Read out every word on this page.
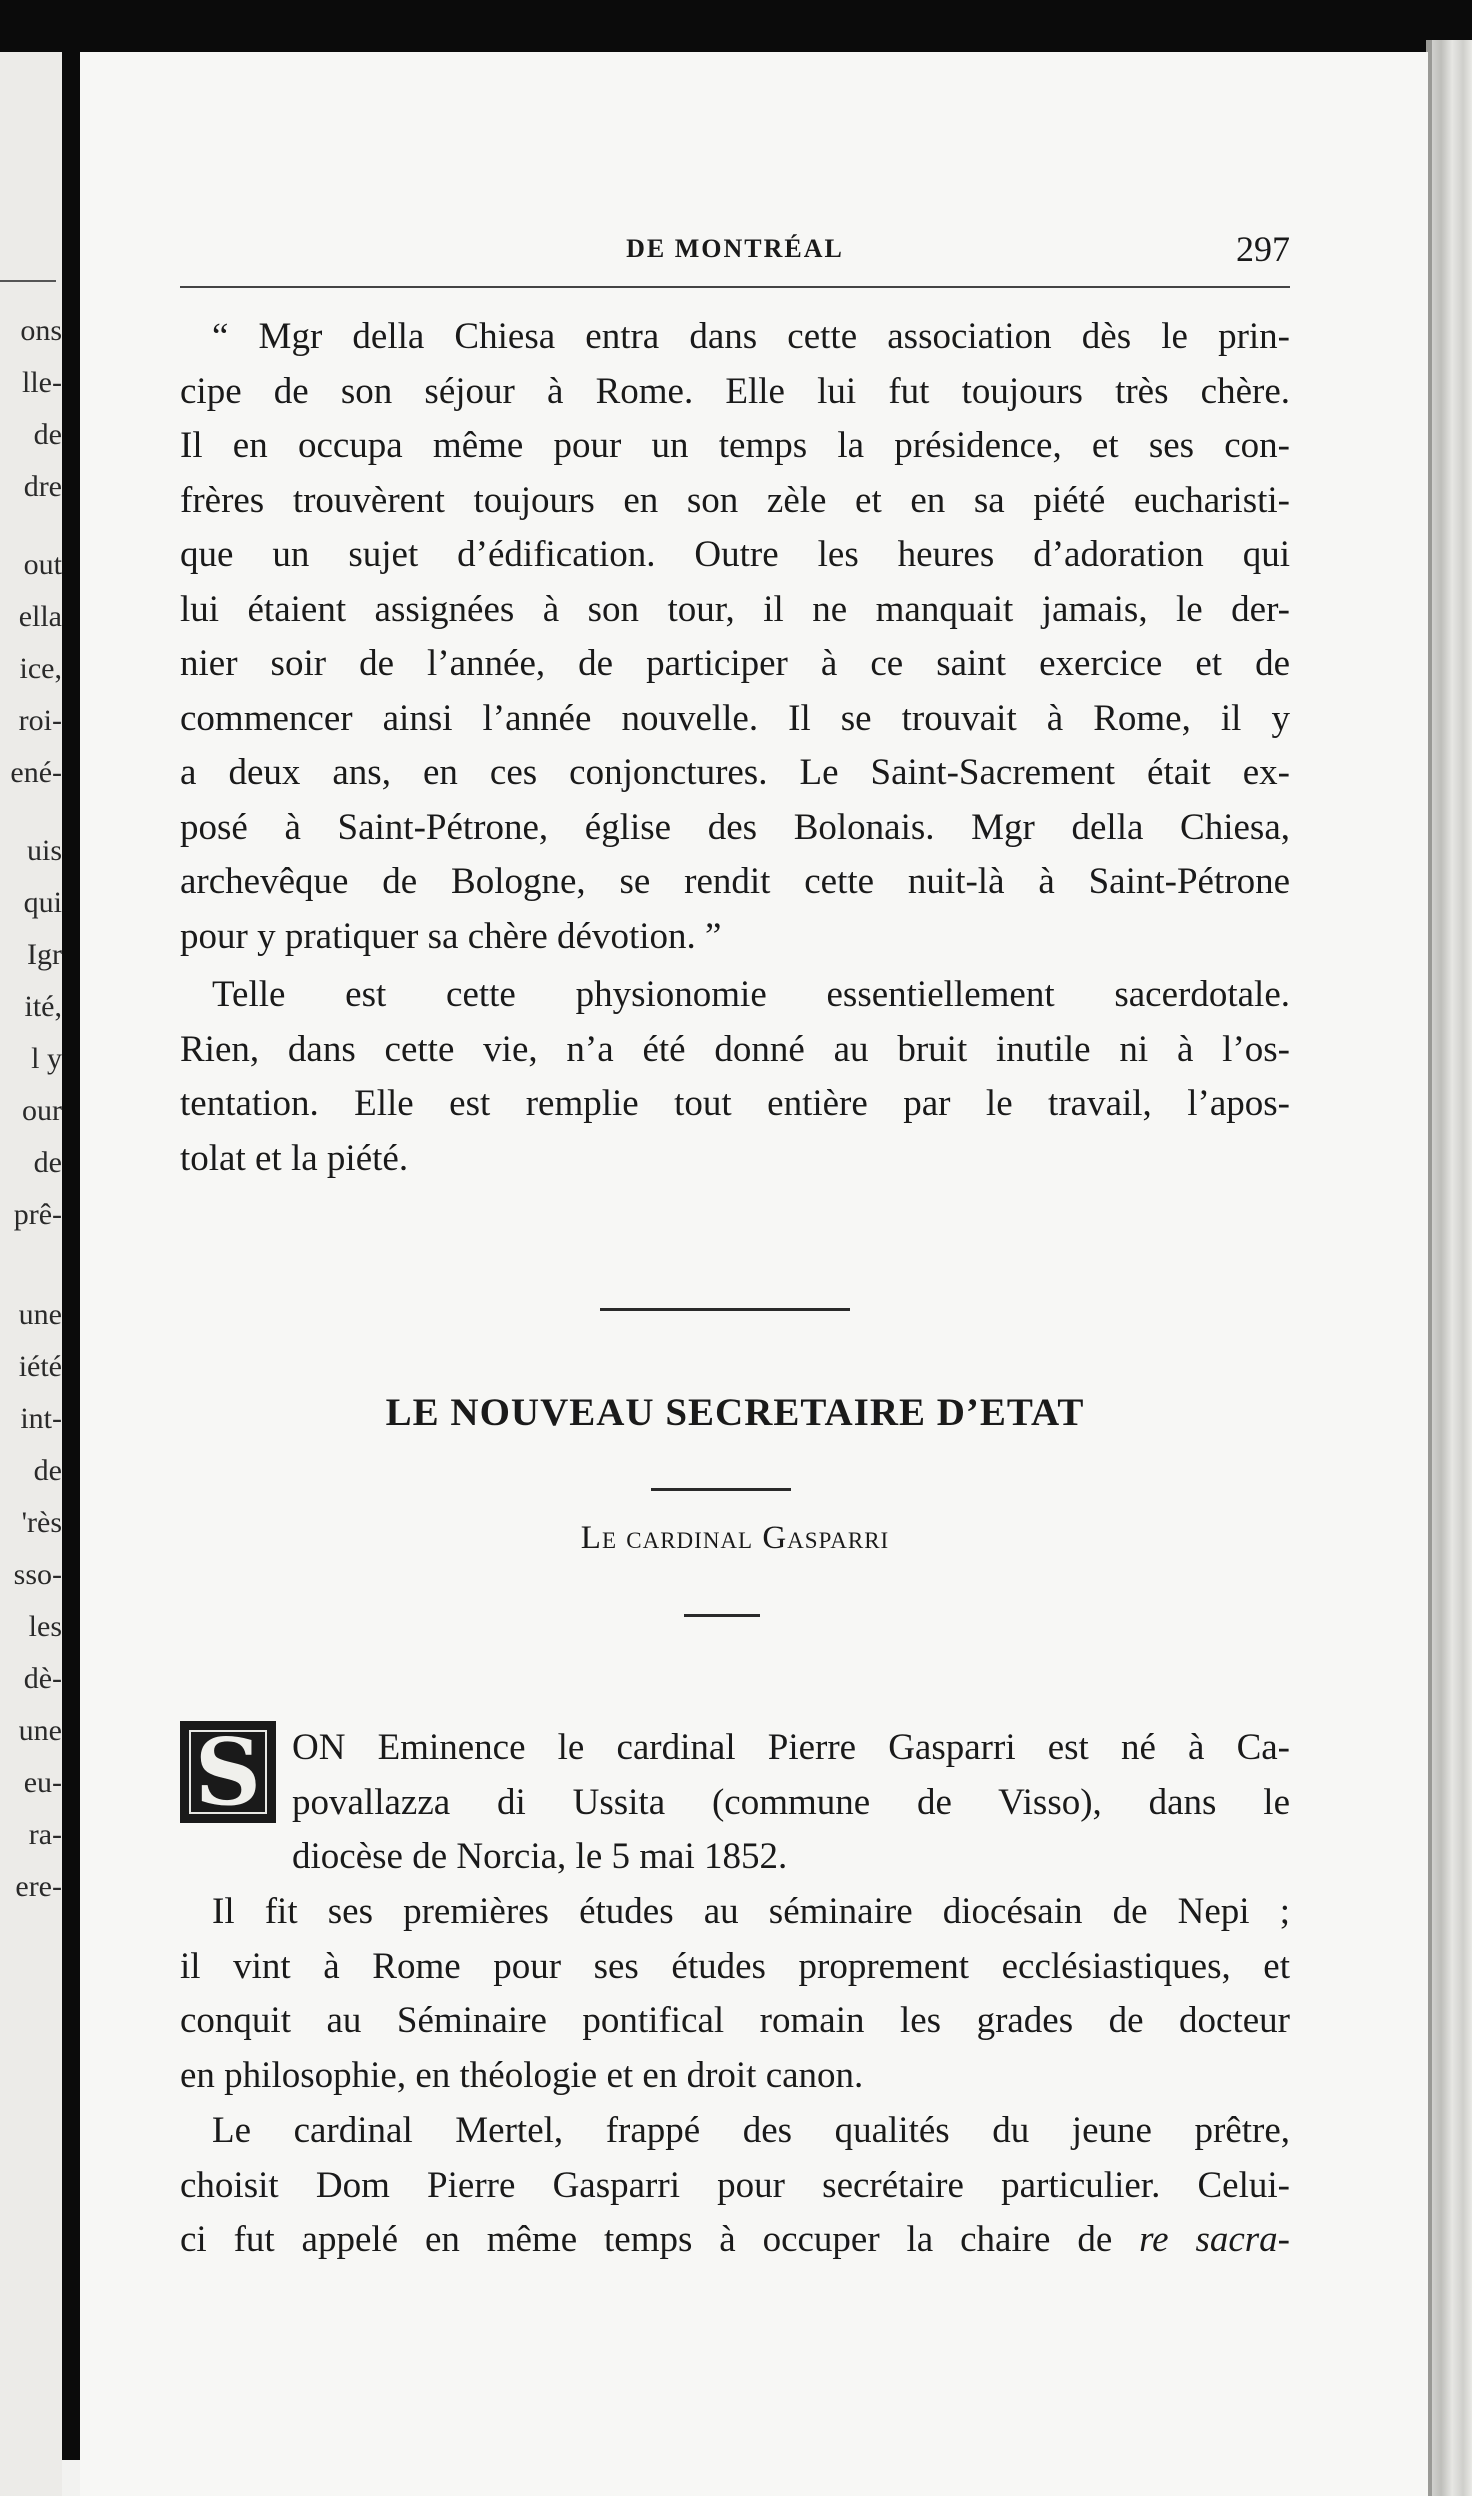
ons
lle-
de
dre
out
ella
ice,
roi-
ené-
uis
qui
Igr
ité,
l y
our
de
prê-
une
iété
int-
de
'rès
sso-
les
dè-
une
eu-
ra-
ere-
DE MONTRÉAL	297
“ Mgr della Chiesa entra dans cette association dès le prin-
cipe de son séjour à Rome. Elle lui fut toujours très chère.
Il en occupa même pour un temps la présidence, et ses con-
frères trouvèrent toujours en son zèle et en sa piété eucharisti-
que un sujet d’édification. Outre les heures d’adoration qui
lui étaient assignées à son tour, il ne manquait jamais, le der-
nier soir de l’année, de participer à ce saint exercice et de
commencer ainsi l’année nouvelle. Il se trouvait à Rome, il y
a deux ans, en ces conjonctures. Le Saint-Sacrement était ex-
posé à Saint-Pétrone, église des Bolonais. Mgr della Chiesa,
archevêque de Bologne, se rendit cette nuit-là à Saint-Pétrone
pour y pratiquer sa chère dévotion. ”
Telle est cette physionomie essentiellement sacerdotale.
Rien, dans cette vie, n’a été donné au bruit inutile ni à l’os-
tentation. Elle est remplie tout entière par le travail, l’apos-
tolat et la piété.
LE NOUVEAU SECRETAIRE D’ETAT
Le cardinal Gasparri
S ON Eminence le cardinal Pierre Gasparri est né à Ca-
povallazza di Ussita (commune de Visso), dans le
diocèse de Norcia, le 5 mai 1852.
Il fit ses premières études au séminaire diocésain de Nepi ;
il vint à Rome pour ses études proprement ecclésiastiques, et
conquit au Séminaire pontifical romain les grades de docteur
en philosophie, en théologie et en droit canon.
Le cardinal Mertel, frappé des qualités du jeune prêtre,
choisit Dom Pierre Gasparri pour secrétaire particulier. Celui-
ci fut appelé en même temps à occuper la chaire de re sacra-
